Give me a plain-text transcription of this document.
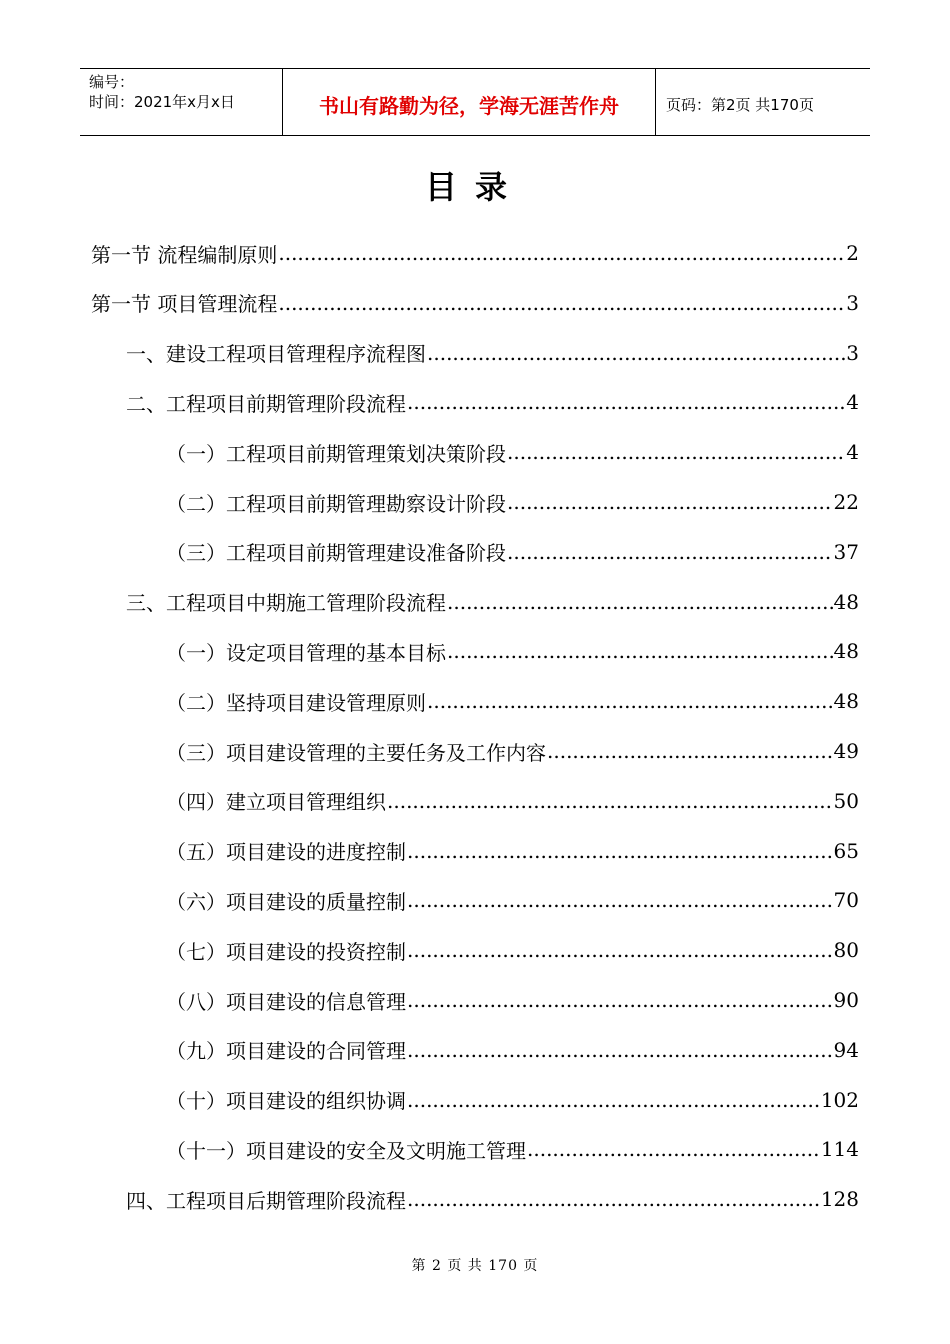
编号：
时间：2021年x月x日	书山有路勤为径，学海无涯苦作舟	页码：第2页 共170页
目录
第一节 流程编制原则 .....	2
第一节 项目管理流程 .....	3
一、建设工程项目管理程序流程图 .....	3
二、工程项目前期管理阶段流程 .....	4
（一）工程项目前期管理策划决策阶段 .....	4
（二）工程项目前期管理勘察设计阶段 .....	22
（三）工程项目前期管理建设准备阶段 .....	37
三、工程项目中期施工管理阶段流程 .....	48
（一）设定项目管理的基本目标 .....	48
（二）坚持项目建设管理原则 .....	48
（三）项目建设管理的主要任务及工作内容 .....	49
（四）建立项目管理组织 .....	50
（五）项目建设的进度控制 .....	65
（六）项目建设的质量控制 .....	70
（七）项目建设的投资控制 .....	80
（八）项目建设的信息管理 .....	90
（九）项目建设的合同管理 .....	94
（十）项目建设的组织协调 .....	102
（十一）项目建设的安全及文明施工管理 .....	114
四、工程项目后期管理阶段流程 .....	128
第 2 页 共 170 页
